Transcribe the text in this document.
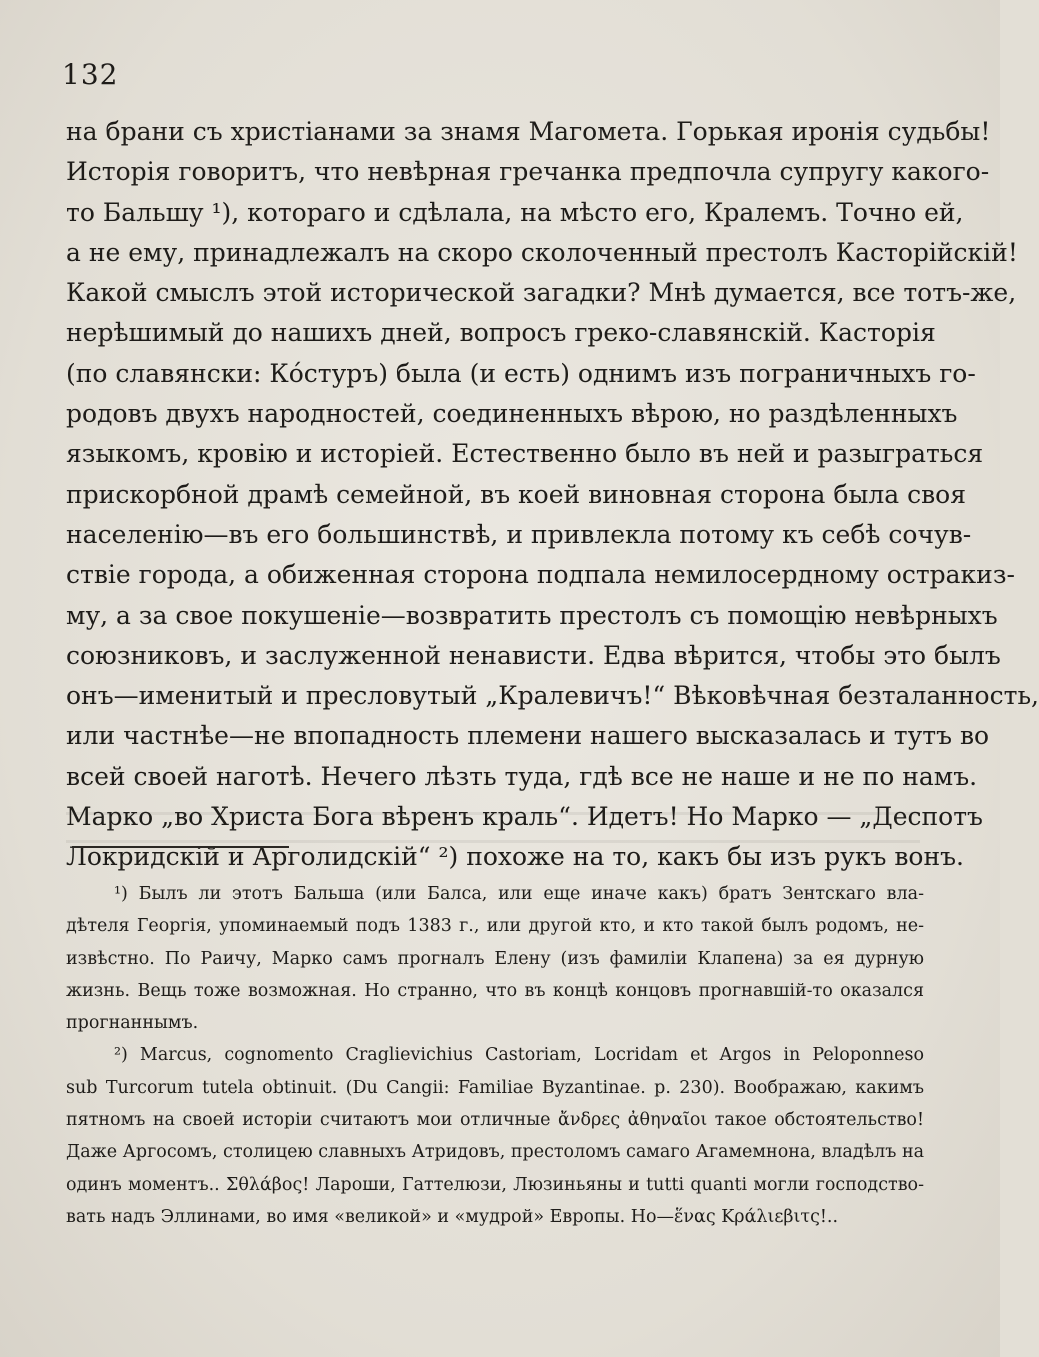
132
на брани съ христіанами за знамя Магомета. Горькая иронія судьбы!
Исторія говоритъ, что невѣрная гречанка предпочла супругу какого-
то Бальшу ¹), котораго и сдѣлала, на мѣсто его, Кралемъ. Точно ей,
а не ему, принадлежалъ на скоро сколоченный престолъ Касторійскій!
Какой смыслъ этой исторической загадки? Мнѣ думается, все тотъ-же,
нерѣшимый до нашихъ дней, вопросъ греко-славянскій. Касторія
(по славянски: Кóстуръ) была (и есть) однимъ изъ пограничныхъ го-
родовъ двухъ народностей, соединенныхъ вѣрою, но раздѣленныхъ
языкомъ, кровію и исторіей. Естественно было въ ней и разыграться
прискорбной драмѣ семейной, въ коей виновная сторона была своя
населенію—въ его большинствѣ, и привлекла потому къ себѣ сочув-
ствіе города, а обиженная сторона подпала немилосердному остракиз-
му, а за свое покушеніе—возвратить престолъ съ помощію невѣрныхъ
союзниковъ, и заслуженной ненависти. Едва вѣрится, чтобы это былъ
онъ—именитый и пресловутый „Кралевичъ!“ Вѣковѣчная безталанность,
или частнѣе—не впопадность племени нашего высказалась и тутъ во
всей своей наготѣ. Нечего лѣзть туда, гдѣ все не наше и не по намъ.
Марко „во Христа Бога вѣренъ краль“. Идетъ! Но Марко — „Деспотъ
Локридскій и Арголидскій“ ²) похоже на то, какъ бы изъ рукъ вонъ.
¹) Былъ ли этотъ Бальша (или Балса, или еще иначе какъ) братъ Зентскаго вла-
дѣтеля Георгія, упоминаемый подъ 1383 г., или другой кто, и кто такой былъ родомъ, не-
извѣстно. По Раичу, Марко самъ прогналъ Елену (изъ фамиліи Клапена) за ея дурную
жизнь. Вещь тоже возможная. Но странно, что въ концѣ концовъ прогнавшій-то оказался
прогнаннымъ.
²) Marcus, cognomento Craglievichius Castoriam, Locridam et Argos in Peloponneso
sub Turcorum tutela obtinuit. (Du Cangii: Familiae Byzantinae. p. 230). Воображаю, какимъ
пятномъ на своей исторіи считаютъ мои отличные ἄνδρες ἀθηναῖοι такое обстоятельство!
Даже Аргосомъ, столицею славныхъ Атридовъ, престоломъ самаго Агамемнона, владѣлъ на
одинъ моментъ.. Σθλάβος! Лароши, Гаттелюзи, Люзиньяны и tutti quanti могли господство-
вать надъ Эллинами, во имя «великой» и «мудрой» Европы. Но—ἕνας Κράλιεβιτς!..
